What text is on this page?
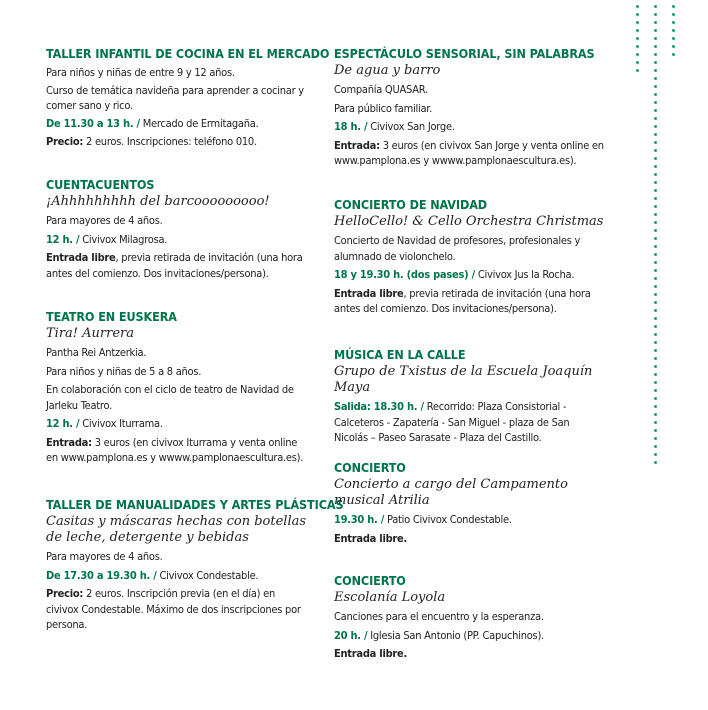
TALLER INFANTIL DE COCINA EN EL MERCADO
Para niños y niñas de entre 9 y 12 años.
Curso de temática navideña para aprender a cocinar y comer sano y rico.
De 11.30 a 13 h. / Mercado de Ermitagaña.
Precio: 2 euros. Inscripciones: teléfono 010.
CUENTACUENTOS
¡Ahhhhhhhhh del barcooooooooo!
Para mayores de 4 años.
12 h. / Civivox Milagrosa.
Entrada libre, previa retirada de invitación (una hora antes del comienzo. Dos invitaciones/persona).
TEATRO EN EUSKERA
Tira! Aurrera
Pantha Rei Antzerkia.
Para niños y niñas de 5 a 8 años.
En colaboración con el ciclo de teatro de Navidad de Jarleku Teatro.
12 h. / Civivox Iturrama.
Entrada: 3 euros (en civivox Iturrama y venta online en www.pamplona.es y wwww.pamplonaescultura.es).
TALLER DE MANUALIDADES Y ARTES PLÁSTICAS
Casitas y máscaras hechas con botellas de leche, detergente y bebidas
Para mayores de 4 años.
De 17.30 a 19.30 h. / Civivox Condestable.
Precio: 2 euros. Inscripción previa (en el día) en civivox Condestable. Máximo de dos inscripciones por persona.
ESPECTÁCULO SENSORIAL, SIN PALABRAS
De agua y barro
Compañía QUASAR.
Para público familiar.
18 h. / Civivox San Jorge.
Entrada: 3 euros (en civivox San Jorge y venta online en www.pamplona.es y wwww.pamplonaescultura.es).
CONCIERTO DE NAVIDAD
HelloCello! & Cello Orchestra Christmas
Concierto de Navidad de profesores, profesionales y alumnado de violonchelo.
18 y 19.30 h. (dos pases) / Civivox Jus la Rocha.
Entrada libre, previa retirada de invitación (una hora antes del comienzo. Dos invitaciones/persona).
MÚSICA EN LA CALLE
Grupo de Txistus de la Escuela Joaquín Maya
Salida: 18.30 h. / Recorrido: Plaza Consistorial - Calceteros - Zapatería - San Miguel - plaza de San Nicolás – Paseo Sarasate - Plaza del Castillo.
CONCIERTO
Concierto a cargo del Campamento musical Atrilia
19.30 h. / Patio Civivox Condestable.
Entrada libre.
CONCIERTO
Escolanía Loyola
Canciones para el encuentro y la esperanza.
20 h. / Iglesia San Antonio (PP. Capuchinos).
Entrada libre.
